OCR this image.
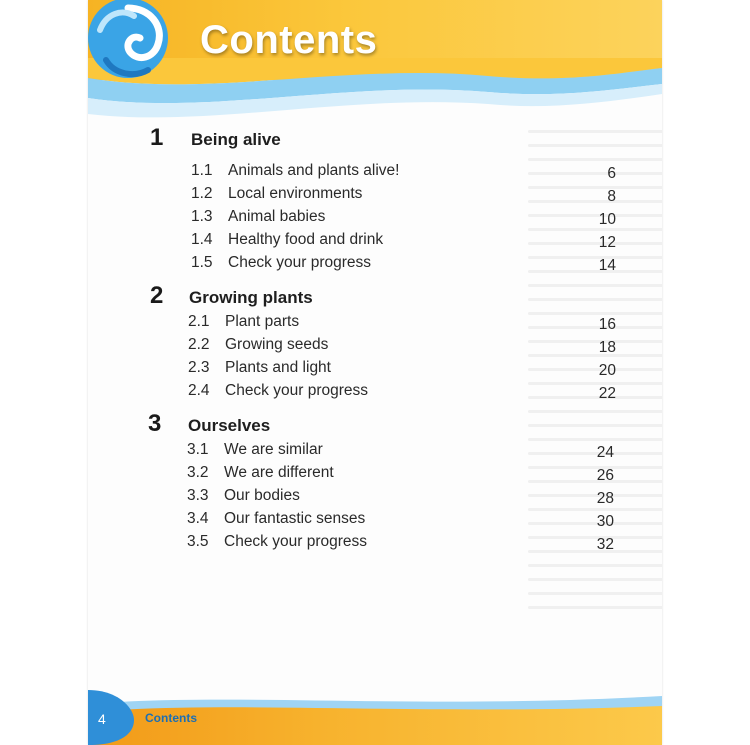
Contents
1 Being alive
1.1 Animals and plants alive!	6
1.2 Local environments	8
1.3 Animal babies	10
1.4 Healthy food and drink	12
1.5 Check your progress	14
2 Growing plants
2.1 Plant parts	16
2.2 Growing seeds	18
2.3 Plants and light	20
2.4 Check your progress	22
3 Ourselves
3.1 We are similar	24
3.2 We are different	26
3.3 Our bodies	28
3.4 Our fantastic senses	30
3.5 Check your progress	32
4	Contents
